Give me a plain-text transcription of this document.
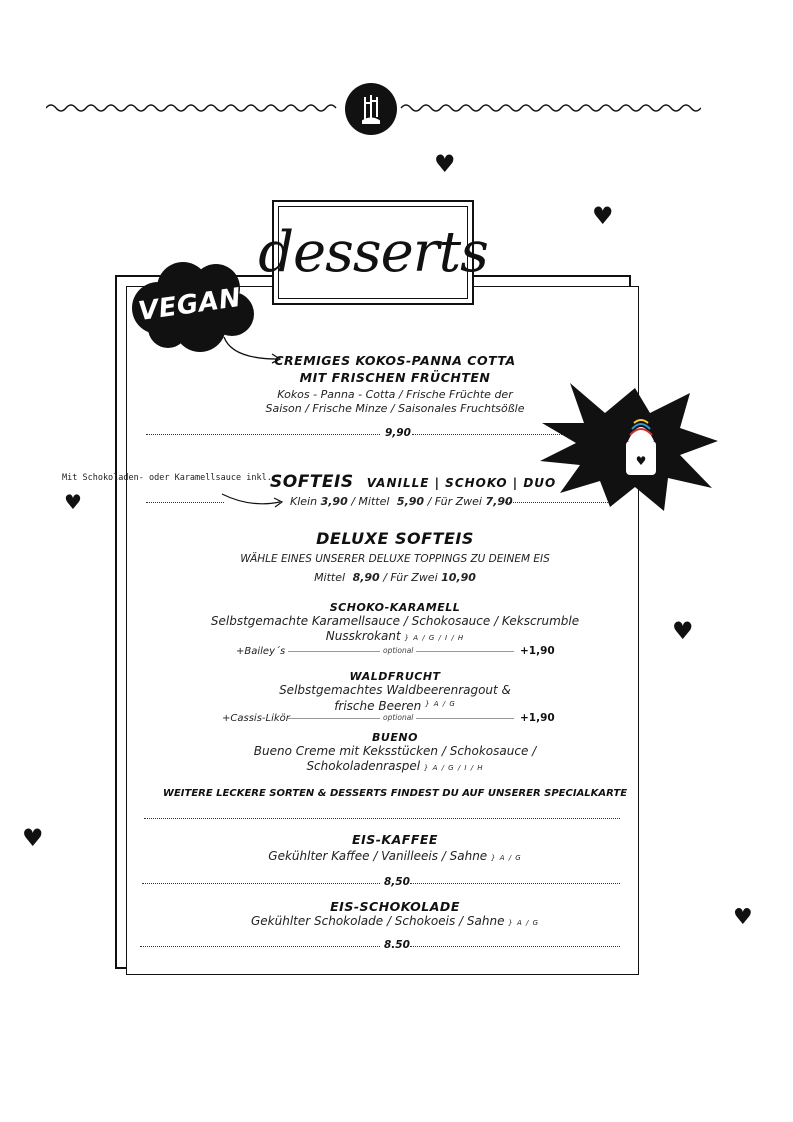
♥
♥
♥
♥
♥
♥
desserts
VEGAN
CREMIGES KOKOS-PANNA COTTA
MIT FRISCHEN FRÜCHTEN
Kokos - Panna - Cotta / Frische Früchte der
Saison / Frische Minze / Saisonales Fruchtsößle
9,90
♥
Mit Schokoladen- oder Karamellsauce inkl.
SOFTEIS VANILLE | SCHOKO | DUO
Klein 3,90 / Mittel 5,90 / Für Zwei 7,90
DELUXE SOFTEIS
WÄHLE EINES UNSERER DELUXE TOPPINGS ZU DEINEM EIS
Mittel 8,90 / Für Zwei 10,90
SCHOKO-KARAMELL
Selbstgemachte Karamellsauce / Schokosauce / Kekscrumble
Nusskrokant } A / G / I / H
+Bailey´s	optional	+1,90
WALDFRUCHT
Selbstgemachtes Waldbeerenragout &
frische Beeren $^{\} A / G}$
+Cassis-Likör	optional	+1,90
BUENO
Bueno Creme mit Keksstücken / Schokosauce /
Schokoladenraspel } A / G / I / H
WEITERE LECKERE SORTEN & DESSERTS FINDEST DU AUF UNSERER SPECIALKARTE
EIS-KAFFEE
Gekühlter Kaffee / Vanilleeis / Sahne } A / G
8,50
EIS-SCHOKOLADE
Gekühlter Schokolade / Schokoeis / Sahne } A / G
8.50
